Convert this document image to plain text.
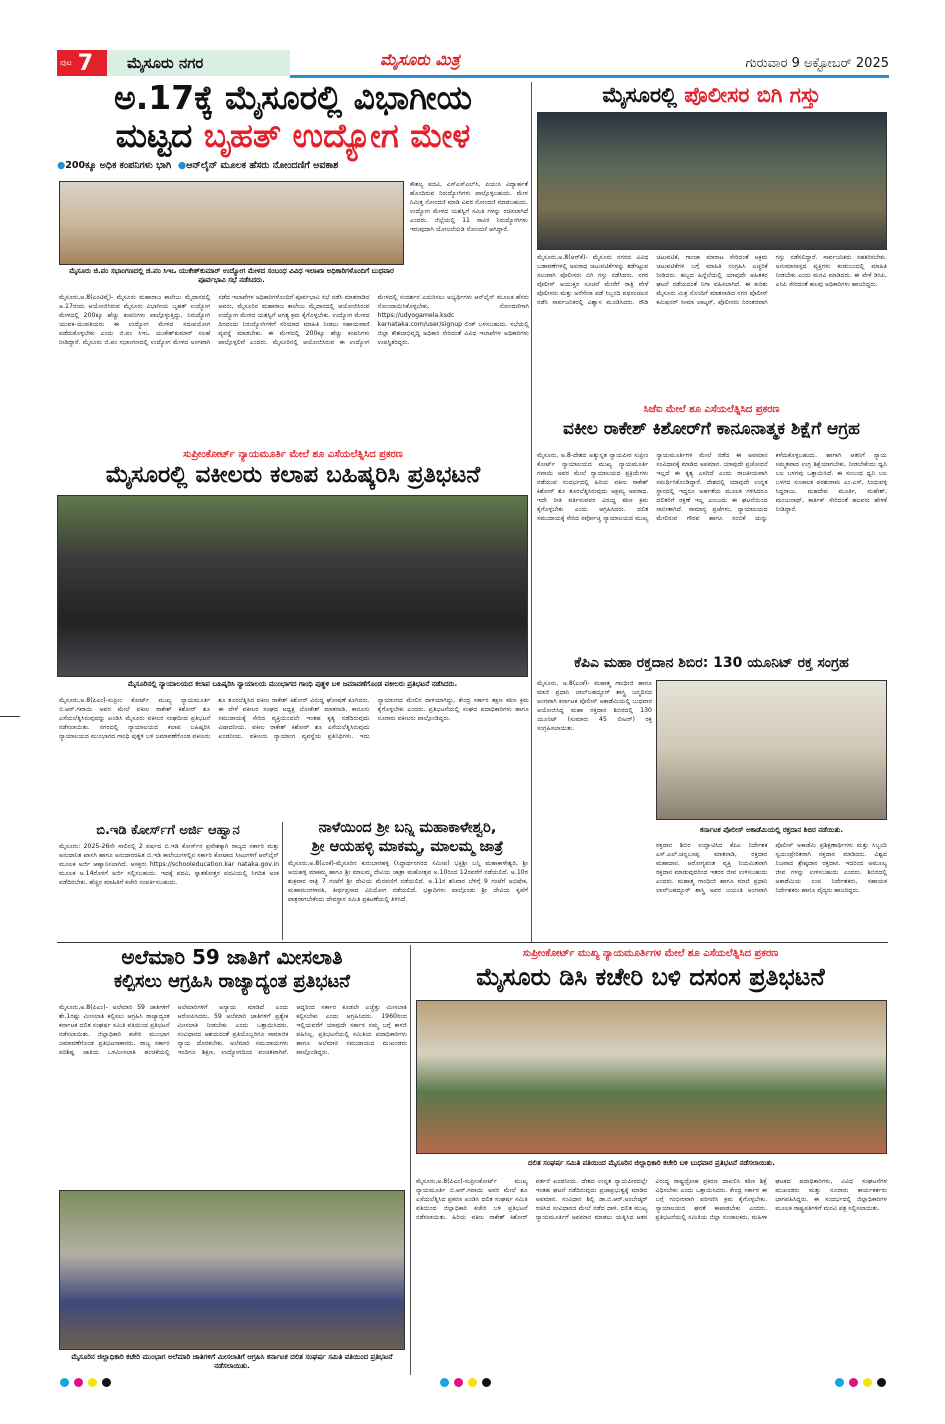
ಪುಟ 7	ಮೈಸೂರು ನಗರ	ಮೈಸೂರು ಮಿತ್ರ	ಗುರುವಾರ 9 ಅಕ್ಟೋಬರ್ 2025
ಅ.17ಕ್ಕೆ ಮೈಸೂರಲ್ಲಿ ವಿಭಾಗೀಯ
ಮಟ್ಟದ ಬೃಹತ್ ಉದ್ಯೋಗ ಮೇಳ
●200ಕ್ಕೂ ಅಧಿಕ ಕಂಪನಿಗಳು ಭಾಗಿ ●ಆನ್‌ಲೈನ್ ಮೂಲಕ ಹೆಸರು ನೋಂದಣಿಗೆ ಅವಕಾಶ
ಮೈಸೂರು ಜಿ.ಪಂ ಸಭಾಂಗಣದಲ್ಲಿ ಜಿ.ಪಂ ಸಿಇಒ ಯುಕೇಶ್‌ಕುಮಾರ್ ಉದ್ಯೋಗ ಮೇಳದ ಸಂಬಂಧ ವಿವಿಧ ಇಲಾಖಾ ಅಧಿಕಾರಿಗಳೊಂದಿಗೆ ಬುಧವಾರ ಪೂರ್ವಭಾವಿ ಸಭೆ ನಡೆಸಿದರು.
ಕೌಶಲ್ಯ ಪದವಿ, ಎಸ್‌ಎಸ್‌ಎಲ್‌ಸಿ, ಪಿಯುಸಿ ವಿದ್ಯಾರ್ಹತೆ ಹೊಂದಿರುವ ನಿರುದ್ಯೋಗಿಗಳು ಪಾಲ್ಗೊಳ್ಳಬಹುದು. ಮೇಳ ನಿಮಿತ್ತ ನೋಂದಣಿ ಮಾಡಿ ವಿವರ ನೋಂದಣಿ ಮಾಡಬಹುದು. ಉದ್ಯೋಗ ಮೇಳದ ಯಶಸ್ವಿಗೆ ಸಮಿತಿ ಗಳನ್ನು ರಚಿಸಲಾಗಿದೆ ಎಂದರು. ಜಿಲ್ಲೆಯಲ್ಲಿ 11 ಸಾವಿರ ನಿರುದ್ಯೋಗಿಗಳು ಇರುವುದಾಗಿ ಯೋಜನೆಯಡಿ ನೋಂದಣಿ ಆಗಿದ್ದಾರೆ.
ಮೈಸೂರು,ಅ.8(ಎಂಟಿವೈ)- ಮೈಸೂರು ಮಹಾರಾಜ ಕಾಲೇಜು ಮೈದಾನದಲ್ಲಿ ಅ.17ರಂದು ಆಯೋಜಿಸಿರುವ ಮೈಸೂರು ವಿಭಾಗೀಯ ಬೃಹತ್ ಉದ್ಯೋಗ ಮೇಳದಲ್ಲಿ 200ಕ್ಕೂ ಹೆಚ್ಚು ಕಂಪನಿಗಳು ಪಾಲ್ಗೊಳ್ಳುತ್ತಿದ್ದು, ನಿರುದ್ಯೋಗಿ ಯುವಕ-ಯುವತಿಯರು ಈ ಉದ್ಯೋಗ ಮೇಳದ ಸದುಪಯೋಗ ಪಡೆದುಕೊಳ್ಳಬೇಕು ಎಂದು ಜಿ.ಪಂ ಸಿಇಒ ಯುಕೇಶ್‌ಕುಮಾರ್ ಸಲಹೆ ನೀಡಿದ್ದಾರೆ. ಮೈಸೂರು ಜಿ.ಪಂ ಸಭಾಂಗಣದಲ್ಲಿ ಉದ್ಯೋಗ ಮೇಳದ ಅಂಗವಾಗಿ ನಡೆದ ಇಲಾಖೆಗಳ ಅಧಿಕಾರಿಗಳೊಂದಿಗೆ ಪೂರ್ವಭಾವಿ ಸಭೆ ನಡೆಸಿ ಮಾತನಾಡಿದ ಅವರು, ಮೈಸೂರಿನ ಮಹಾರಾಜ ಕಾಲೇಜು ಮೈದಾನದಲ್ಲಿ ಆಯೋಜಿಸಿರುವ ಉದ್ಯೋಗ ಮೇಳದ ಯಶಸ್ವಿಗೆ ಅಗತ್ಯ ಕ್ರಮ ಕೈಗೊಳ್ಳಬೇಕು. ಉದ್ಯೋಗ ಮೇಳದ ದಿನದಂದು ನಿರುದ್ಯೋಗಿಗಳಿಗೆ ಸರಿಯಾದ ಮಾಹಿತಿ ನೀಡಲು ಸಹಾಯವಾಣಿ ವ್ಯವಸ್ಥೆ ಮಾಡಬೇಕು. ಈ ಮೇಳದಲ್ಲಿ 200ಕ್ಕೂ ಹೆಚ್ಚು ಕಂಪನಿಗಳು ಪಾಲ್ಗೊಳ್ಳಲಿವೆ ಎಂದರು. ಮೈಸೂರಿನಲ್ಲಿ ಆಯೋಜಿಸಿರುವ ಈ ಉದ್ಯೋಗ ಮೇಳದಲ್ಲಿ ಸಂದರ್ಶನ ಎದುರಿಸಲು ಅಭ್ಯರ್ಥಿಗಳು ಆನ್‌ಲೈನ್ ಮೂಲಕ ಹೆಸರು ನೋಂದಾಯಿಸಿಕೊಳ್ಳಬೇಕು. ನೋಂದಣಿಗಾಗಿ https://udyogamela.ksdc karnataka.com/user/signup ಲಿಂಕ್ ಬಳಸಬಹುದು. ಸಭೆಯಲ್ಲಿ ಜಿಲ್ಲಾ ಕೌಶಲಾಭಿವೃದ್ಧಿ ಅಧಿಕಾರಿ ಸೇರಿದಂತೆ ವಿವಿಧ ಇಲಾಖೆಗಳ ಅಧಿಕಾರಿಗಳು ಉಪಸ್ಥಿತರಿದ್ದರು.
ಮೈಸೂರಲ್ಲಿ ಪೊಲೀಸರ ಬಿಗಿ ಗಸ್ತು
ಮೈಸೂರು,ಅ.8(ಆರ್‌ಕೆ)- ಮೈಸೂರು ನಗರದ ವಿವಿಧ ಬಡಾವಣೆಗಳಲ್ಲಿ ಅಪರಾಧ ಚಟುವಟಿಕೆಗಳನ್ನು ತಡೆಗಟ್ಟುವ ಸಲುವಾಗಿ ಪೊಲೀಸರು ಬಿಗಿ ಗಸ್ತು ನಡೆಸಿದರು. ನಗರ ಪೊಲೀಸ್ ಆಯುಕ್ತರ ಸೂಚನೆ ಮೇರೆಗೆ ರಾತ್ರಿ ವೇಳೆ ಪೊಲೀಸರು ಮತ್ತು ಅರೆಸೇನಾ ಪಡೆ ಸಿಬ್ಬಂದಿ ಪಥಸಂಚಲನ ನಡೆಸಿ ಸಾರ್ವಜನಿಕರಲ್ಲಿ ವಿಶ್ವಾಸ ಮೂಡಿಸಿದರು. ರೌಡಿ ಚಟುವಟಿಕೆ, ಗಾಂಜಾ ಮಾರಾಟ ಸೇರಿದಂತೆ ಅಕ್ರಮ ಚಟುವಟಿಕೆಗಳ ಬಗ್ಗೆ ಮಾಹಿತಿ ಸಂಗ್ರಹಿಸಿ ಎಚ್ಚರಿಕೆ ನೀಡಿದರು. ಹಬ್ಬದ ಹಿನ್ನೆಲೆಯಲ್ಲಿ ಯಾವುದೇ ಅಹಿತಕರ ಘಟನೆ ನಡೆಯದಂತೆ ನಿಗಾ ವಹಿಸಲಾಗಿದೆ. ಈ ಕುರಿತು ಮೈಸೂರು ಮಿತ್ರ ನೊಂದಿಗೆ ಮಾತನಾಡಿದ ನಗರ ಪೊಲೀಸ್ ಕಮಿಷನರ್ ಸೀಮಾ ಲಾಟ್ಕರ್, ಪೊಲೀಸರು ನಿರಂತರವಾಗಿ ಗಸ್ತು ನಡೆಸಲಿದ್ದಾರೆ. ಸಾರ್ವಜನಿಕರು ಸಹಕರಿಸಬೇಕು. ಅನುಮಾನಾಸ್ಪದ ವ್ಯಕ್ತಿಗಳು ಕಂಡುಬಂದಲ್ಲಿ ಮಾಹಿತಿ ನೀಡಬೇಕು ಎಂದು ಮನವಿ ಮಾಡಿದರು. ಈ ವೇಳೆ ಡಿಸಿಪಿ, ಎಸಿಪಿ ಸೇರಿದಂತೆ ಹಲವು ಅಧಿಕಾರಿಗಳು ಹಾಜರಿದ್ದರು.
ಸಿಜೆಐ ಮೇಲೆ ಶೂ ಎಸೆಯಲೆತ್ನಿಸಿದ ಪ್ರಕರಣ
ವಕೀಲ ರಾಕೇಶ್ ಕಿಶೋರ್‌ಗೆ ಕಾನೂನಾತ್ಮಕ ಶಿಕ್ಷೆಗೆ ಆಗ್ರಹ
ಮೈಸೂರು, ಅ.8-ದೇಶದ ಅತ್ಯುನ್ನತ ನ್ಯಾಯಪೀಠ ಸುಪ್ರೀಂ ಕೋರ್ಟ್ ನ್ಯಾಯಾಲಯದ ಮುಖ್ಯ ನ್ಯಾಯಮೂರ್ತಿ ಗವಾಯಿ ಅವರ ಮೇಲೆ ನ್ಯಾಯಾಲಯದ ಪ್ರಕ್ರಿಯೆಗಳು ನಡೆಯುವ ಸಂದರ್ಭದಲ್ಲಿ ಹಿರಿಯ ವಕೀಲ ರಾಕೇಶ್ ಕಿಶೋರ್ ಶೂ ತೂರಲೆತ್ನಿಸಿರುವುದು ಅಕ್ಷಮ್ಯ ಅಪರಾಧ. ಇದೇ ರೀತಿ ವರ್ತಿಸುವವರ ವಿರುದ್ಧ ಕಠಿಣ ಕ್ರಮ ಕೈಗೊಳ್ಳಬೇಕು ಎಂದು ಆಗ್ರಹಿಸಿದರು. ದಲಿತ ಸಮುದಾಯಕ್ಕೆ ಸೇರಿದ ಸರ್ವೋಚ್ಚ ನ್ಯಾಯಾಲಯದ ಮುಖ್ಯ ನ್ಯಾಯಮೂರ್ತಿಗಳ ಮೇಲೆ ನಡೆದ ಈ ಅವಮಾನ ಸಂವಿಧಾನಕ್ಕೆ ಮಾಡಿದ ಅಪಮಾನ. ಯಾವುದೇ ಪ್ರಚೋದನೆ ಇಲ್ಲದೆ ಈ ಕೃತ್ಯ ಎಸಗಿದೆ ಎಂದು ರಾಜಕೀಯವಾಗಿ ಸಮರ್ಥಿಸಿಕೊಂಡಿದ್ದಾರೆ. ದೇಶದಲ್ಲಿ ಯಾವುದೇ ಉನ್ನತ ಸ್ಥಾನದಲ್ಲಿ ಇದ್ದರೂ ಅರ್ಹತೆಯ ಮೂಲಕ ಗಳಿಸಿದರೂ ದಲಿತರಿಗೆ ರಕ್ಷಣೆ ಇಲ್ಲ ಎಂಬುದು ಈ ಘಟನೆಯಿಂದ ಸಾಬೀತಾಗಿದೆ. ಸಾಮಾನ್ಯ ಪ್ರಜೆಗಳು, ನ್ಯಾಯಾಲಯದ ಮೇಲಿರುವ ಗೌರವ ಹಾಗೂ ನಂಬಿಕೆ ಯನ್ನು ಕಳೆದುಕೊಳ್ಳಬಹುದು. ಹಾಗಾಗಿ ಆತನಿಗೆ ನ್ಯಾಯ ಸಮ್ಮತವಾದ ಉಗ್ರ ಶಿಕ್ಷೆಯಾಗಬೇಕು, ನೀಡಬೇಕೆಂದು ಧ್ವನಿ ಬಲ ಬಳಗವು ಒತ್ತಾಯಿಸಿದೆ. ಈ ಸಂಬಂಧ ಧ್ವನಿ ಬಲ ಬಳಗದ ಸಂಚಾಲಕ ಪರಶುರಾಮ ಎಂ.ಎಸ್, ಸಿಂಧುವಳ್ಳಿ ಸಿದ್ದರಾಜು, ಮಹದೇವ ಮೂರ್ತಿ, ಮಹೇಶ್, ಮಂಜುನಾಥ್, ಕಾರ್ತಿಕ್ ಸೇರಿದಂತೆ ಹಲವರು ಹೇಳಿಕೆ ನೀಡಿದ್ದಾರೆ.
ಸುಪ್ರೀಂಕೋರ್ಟ್ ನ್ಯಾಯಮೂರ್ತಿ ಮೇಲೆ ಶೂ ಎಸೆಯಲೆತ್ನಿಸಿದ ಪ್ರಕರಣ
ಮೈಸೂರಲ್ಲಿ ವಕೀಲರು ಕಲಾಪ ಬಹಿಷ್ಕರಿಸಿ ಪ್ರತಿಭಟನೆ
ಮೈಸೂರಿನಲ್ಲಿ ನ್ಯಾಯಾಲಯದ ಕಲಾಪ ಬಹಿಷ್ಕರಿಸಿ ನ್ಯಾಯಾಲಯ ಮುಂಭಾಗದ ಗಾಂಧಿ ಪುತ್ಥಳಿ ಬಳಿ ಜಮಾವಣೆಗೊಂಡ ವಕೀಲರು ಪ್ರತಿಭಟನೆ ನಡೆಸಿದರು.
ಮೈಸೂರು,ಅ.8(ಪಿಎಂ)-ಸುಪ್ರೀಂ ಕೋರ್ಟ್ ಮುಖ್ಯ ನ್ಯಾಯಮೂರ್ತಿ ಬಿ.ಆರ್.ಗವಾಯಿ ಅವರ ಮೇಲೆ ವಕೀಲ ರಾಕೇಶ್ ಕಿಶೋರ್ ಶೂ ಎಸೆಯಲೆತ್ನಿಸಿರುವುದನ್ನು ಖಂಡಿಸಿ ಮೈಸೂರು ವಕೀಲರ ಸಂಘದಿಂದ ಪ್ರತಿಭಟನೆ ನಡೆಸಲಾಯಿತು. ನಗರದಲ್ಲಿ ನ್ಯಾಯಾಲಯದ ಕಲಾಪ ಬಹಿಷ್ಕರಿಸಿ ನ್ಯಾಯಾಲಯದ ಮುಂಭಾಗದ ಗಾಂಧಿ ಪುತ್ಥಳಿ ಬಳಿ ಜಮಾವಣೆಗೊಂಡ ವಕೀಲರು ಶೂ ತೂರಲೆತ್ನಿಸಿದ ವಕೀಲ ರಾಕೇಶ್ ಕಿಶೋರ್ ವಿರುದ್ಧ ಘೋಷಣೆ ಕೂಗಿದರು. ಈ ವೇಳೆ ವಕೀಲರ ಸಂಘದ ಅಧ್ಯಕ್ಷ ಲೋಕೇಶ್ ಮಾತನಾಡಿ, ಕಾನೂನು ಸಮುದಾಯಕ್ಕೆ ಸೇರಿದ ವ್ಯಕ್ತಿಯಿಂದಲೇ ಇಂತಹ ಕೃತ್ಯ ನಡೆದಿರುವುದು ವಿಷಾದನೀಯ. ವಕೀಲ ರಾಕೇಶ್ ಕಿಶೋರ್ ಶೂ ಎಸೆಯಲೆತ್ನಿಸಿರುವುದು ಖಂಡನೀಯ. ವಕೀಲರು ನ್ಯಾಯಾಂಗ ವ್ಯವಸ್ಥೆಯ ಪ್ರತಿನಿಧಿಗಳು. ಇದು ನ್ಯಾಯಾಂಗದ ಮೇಲಿನ ದಾಳಿಯಾಗಿದ್ದು, ಕೇಂದ್ರ ಸರ್ಕಾರ ತಕ್ಷಣ ಕಠಿಣ ಕ್ರಮ ಕೈಗೊಳ್ಳಬೇಕು ಎಂದರು. ಪ್ರತಿಭಟನೆಯಲ್ಲಿ ಸಂಘದ ಪದಾಧಿಕಾರಿಗಳು ಹಾಗೂ ನೂರಾರು ವಕೀಲರು ಪಾಲ್ಗೊಂಡಿದ್ದರು.
ಕೆಪಿಎ ಮಹಾ ರಕ್ತದಾನ ಶಿಬಿರ: 130 ಯೂನಿಟ್ ರಕ್ತ ಸಂಗ್ರಹ
ಮೈಸೂರು, ಅ.8(ಎಂಕೆ)- ಮಹಾತ್ಮ ಗಾಂಧೀಜಿ ಹಾಗೂ ಮಾಜಿ ಪ್ರಧಾನಿ ಲಾಲ್‌ಬಹದ್ದೂರ್ ಶಾಸ್ತ್ರಿ ಜನ್ಮದಿನದ ಅಂಗವಾಗಿ ಕರ್ನಾಟಕ ಪೊಲೀಸ್ ಅಕಾಡೆಮಿಯಲ್ಲಿ ಬುಧವಾರ ಆಯೋಜಿಸಿದ್ದ ಮಹಾ ರಕ್ತದಾನ ಶಿಬಿರದಲ್ಲಿ 130 ಯೂನಿಟ್ (ಸುಮಾರು 45 ಲೀಟರ್) ರಕ್ತ ಸಂಗ್ರಹಿಸಲಾಯಿತು.
ಕರ್ನಾಟಕ ಪೊಲೀಸ್ ಅಕಾಡೆಮಿಯಲ್ಲಿ ರಕ್ತದಾನ ಶಿಬಿರ ನಡೆಯಿತು.
ರಕ್ತದಾನ ಶಿಬಿರ ಉದ್ಘಾಟಿಸಿದ ಕೆಪಿಎ ನಿರ್ದೇಶಕ ಎಸ್.ಎಲ್.ಚನ್ನಬಸಪ್ಪ ಮಾತನಾಡಿ, ರಕ್ತದಾನ ಮಹಾದಾನ. ಆರೋಗ್ಯವಂತ ವ್ಯಕ್ತಿ ನಿಯಮಿತವಾಗಿ ರಕ್ತದಾನ ಮಾಡುವುದರಿಂದ ಇತರರ ಜೀವ ಉಳಿಸಬಹುದು ಎಂದರು. ಮಹಾತ್ಮ ಗಾಂಧೀಜಿ ಹಾಗೂ ಮಾಜಿ ಪ್ರಧಾನಿ ಲಾಲ್‌ಬಹದ್ದೂರ್ ಶಾಸ್ತ್ರಿ ಅವರ ಜಯಂತಿ ಅಂಗವಾಗಿ ಪೊಲೀಸ್ ಅಕಾಡೆಮಿ ಪ್ರಶಿಕ್ಷಣಾರ್ಥಿಗಳು ಮತ್ತು ಸಿಬ್ಬಂದಿ ಸ್ವಯಂಪ್ರೇರಿತರಾಗಿ ರಕ್ತದಾನ ಮಾಡಿದರು. ವಿಶ್ವದ ನಿಜವಾದ ಶ್ರೇಷ್ಠದಾನ ರಕ್ತದಾನ. ಇದರಿಂದ ಅಮೂಲ್ಯ ಜೀವ ಗಳನ್ನು ಉಳಿಸಬಹುದು ಎಂದರು. ಶಿಬಿರದಲ್ಲಿ ಅಕಾಡೆಮಿಯ ಉಪ ನಿರ್ದೇಶಕರು, ಸಹಾಯಕ ನಿರ್ದೇಶಕರು ಹಾಗೂ ವೈದ್ಯರು ಹಾಜರಿದ್ದರು.
ಬಿ.ಇಡಿ ಕೋರ್ಸ್‌ಗೆ ಅರ್ಜಿ ಆಹ್ವಾನ
ಮೈಸೂರು: 2025-26ನೇ ಸಾಲಿನಲ್ಲಿ 2 ವರ್ಷದ ಬಿ.ಇಡಿ ಕೋರ್ಸ್‌ನ ಪ್ರವೇಶಕ್ಕಾಗಿ ರಾಜ್ಯದ ಸರ್ಕಾರಿ ಮತ್ತು ಅನುದಾನಿತ ಖಾಸಗಿ ಹಾಗೂ ಅನುದಾನರಹಿತ ಬಿ.ಇಡಿ ಕಾಲೇಜುಗಳಲ್ಲಿನ ಸರ್ಕಾರಿ ಕೋಟಾದ ಸೀಟುಗಳಿಗೆ ಆನ್‌ಲೈನ್ ಮೂಲಕ ಅರ್ಜಿ ಆಹ್ವಾನಿಸಲಾಗಿದೆ. ಆಸಕ್ತರು https://schooleducation.kar nataka.gov.in ಮೂಲಕ ಅ.14ರೊಳಗೆ ಅರ್ಜಿ ಸಲ್ಲಿಸಬಹುದು. ಇದಕ್ಕೆ ಪದವಿ, ಸ್ನಾತಕೋತ್ತರ ಪದವಿಯಲ್ಲಿ ನಿಗದಿತ ಅಂಕ ಪಡೆದಿರಬೇಕು. ಹೆಚ್ಚಿನ ಮಾಹಿತಿಗೆ ಕಚೇರಿ ಸಂಪರ್ಕಿಸಬಹುದು.
ನಾಳೆಯಿಂದ ಶ್ರೀ ಬನ್ನಿ ಮಹಾಕಾಳೇಶ್ವರಿ,
ಶ್ರೀ ಆಯಹಳ್ಳಿ ಮಾಕಮ್ಮ, ಮಾಲಮ್ಮ ಜಾತ್ರೆ
ಮೈಸೂರು,ಅ.8(ಎಂಕೆ)-ಮೈಸೂರಿನ ಕುರುಬಾರಹಳ್ಳಿ (ಸಿದ್ಧಾರ್ಥನಗರದ ಸಮೀಪ) ಭಕ್ತಿಶ್ರೀ ಬನ್ನಿ ಮಹಾಕಾಳೇಶ್ವರಿ, ಶ್ರೀ ಆಯಹಳ್ಳಿ ಮಾಕಮ್ಮ ಹಾಗೂ ಶ್ರೀ ಮಾಲಮ್ಮ ದೇವಿಯ ಜಾತ್ರಾ ಮಹೋತ್ಸವ ಅ.10ರಿಂದ 12ರವರೆಗೆ ನಡೆಯಲಿದೆ. ಅ.10ರ ಶುಕ್ರವಾರ ರಾತ್ರಿ 7 ಗಂಟೆಗೆ ಶ್ರೀ ದೇವಿಯ ಮೆರವಣಿಗೆ ನಡೆಯಲಿದೆ. ಅ.11ರ ಶನಿವಾರ ಬೆಳಿಗ್ಗೆ 9 ಗಂಟೆಗೆ ಅಭಿಷೇಕ, ಮಹಾಮಂಗಳಾರತಿ, ತೀರ್ಥಪ್ರಸಾದ ವಿನಿಯೋಗ ನಡೆಯಲಿದೆ. ಭಕ್ತಾದಿಗಳು ಪಾಲ್ಗೊಂಡು ಶ್ರೀ ದೇವಿಯ ಕೃಪೆಗೆ ಪಾತ್ರರಾಗಬೇಕೆಂದು ದೇವಸ್ಥಾನ ಸಮಿತಿ ಪ್ರಕಟಣೆಯಲ್ಲಿ ತಿಳಿಸಿದೆ.
ಅಲೆಮಾರಿ 59 ಜಾತಿಗೆ ಮೀಸಲಾತಿ
ಕಲ್ಪಿಸಲು ಆಗ್ರಹಿಸಿ ರಾಜ್ಯಾದ್ಯಂತ ಪ್ರತಿಭಟನೆ
ಮೈಸೂರು,ಅ.8(ಪಿಎಂ)- ಅಲೆಮಾರಿ 59 ಜಾತಿಗಳಿಗೆ ಶೇ.1ರಷ್ಟು ಮೀಸಲಾತಿ ಕಲ್ಪಿಸಲು ಆಗ್ರಹಿಸಿ ರಾಜ್ಯಾದ್ಯಂತ ಕರ್ನಾಟಕ ದಲಿತ ಸಂಘರ್ಷ ಸಮಿತಿ ವತಿಯಿಂದ ಪ್ರತಿಭಟನೆ ನಡೆಸಲಾಯಿತು. ಜಿಲ್ಲಾಧಿಕಾರಿ ಕಚೇರಿ ಮುಂಭಾಗ ಜಮಾವಣೆಗೊಂಡ ಪ್ರತಿಭಟನಾಕಾರರು, ರಾಜ್ಯ ಸರ್ಕಾರ ಪರಿಶಿಷ್ಟ ಜಾತಿಯ ಒಳಮೀಸಲಾತಿ ಹಂಚಿಕೆಯಲ್ಲಿ ಅಲೆಮಾರಿಗಳಿಗೆ ಅನ್ಯಾಯ ಮಾಡಿದೆ ಎಂದು ಆರೋಪಿಸಿದರು. 59 ಅಲೆಮಾರಿ ಜಾತಿಗಳಿಗೆ ಪ್ರತ್ಯೇಕ ಮೀಸಲಾತಿ ನೀಡಬೇಕು ಎಂದು ಒತ್ತಾಯಿಸಿದರು. ಸಂವಿಧಾನದ ಆಶಯದಂತೆ ಪ್ರತಿಯೊಬ್ಬರಿಗೂ ಸಾಮಾಜಿಕ ನ್ಯಾಯ ದೊರಕಬೇಕು. ಅಲೆಮಾರಿ ಸಮುದಾಯಗಳು ಇಂದಿಗೂ ಶಿಕ್ಷಣ, ಉದ್ಯೋಗದಿಂದ ವಂಚಿತವಾಗಿವೆ. ಆದ್ದರಿಂದ ಸರ್ಕಾರ ಕೂಡಲೇ ಎಚ್ಚೆತ್ತು ಮೀಸಲಾತಿ ಕಲ್ಪಿಸಬೇಕು ಎಂದು ಆಗ್ರಹಿಸಿದರು. 1960ರಿಂದ ಇಲ್ಲಿಯವರೆಗೆ ಯಾವುದೇ ಸರ್ಕಾರ ನಮ್ಮ ಬಗ್ಗೆ ಕಾಳಜಿ ವಹಿಸಿಲ್ಲ. ಪ್ರತಿಭಟನೆಯಲ್ಲಿ ಸಮಿತಿಯ ಪದಾಧಿಕಾರಿಗಳು ಹಾಗೂ ಅಲೆಮಾರಿ ಸಮುದಾಯದ ಮುಖಂಡರು ಪಾಲ್ಗೊಂಡಿದ್ದರು.
ಮೈಸೂರಿನ ಜಿಲ್ಲಾಧಿಕಾರಿ ಕಚೇರಿ ಮುಂಭಾಗ ಅಲೆಮಾರಿ ಜಾತಿಗಳಿಗೆ ಮೀಸಲಾತಿಗೆ ಆಗ್ರಹಿಸಿ ಕರ್ನಾಟಕ ದಲಿತ ಸಂಘರ್ಷ ಸಮಿತಿ ವತಿಯಿಂದ ಪ್ರತಿಭಟನೆ ನಡೆಸಲಾಯಿತು.
ಸುಪ್ರೀಂಕೋರ್ಟ್ ಮುಖ್ಯ ನ್ಯಾಯಮೂರ್ತಿಗಳ ಮೇಲೆ ಶೂ ಎಸೆಯಲೆತ್ನಿಸಿದ ಪ್ರಕರಣ
ಮೈಸೂರು ಡಿಸಿ ಕಚೇರಿ ಬಳಿ ದಸಂಸ ಪ್ರತಿಭಟನೆ
ದಲಿತ ಸಂಘರ್ಷ ಸಮಿತಿ ವತಿಯಿಂದ ಮೈಸೂರಿನ ಜಿಲ್ಲಾಧಿಕಾರಿ ಕಚೇರಿ ಬಳಿ ಬುಧವಾರ ಪ್ರತಿಭಟನೆ ನಡೆಸಲಾಯಿತು.
ಮೈಸೂರು,ಅ.8(ಪಿಎಂ)-ಸುಪ್ರೀಂಕೋರ್ಟ್ ಮುಖ್ಯ ನ್ಯಾಯಮೂರ್ತಿ ಬಿ.ಆರ್.ಗವಾಯಿ ಅವರ ಮೇಲೆ ಶೂ ಎಸೆಯಲೆತ್ನಿಸಿದ ಪ್ರಕರಣ ಖಂಡಿಸಿ ದಲಿತ ಸಂಘರ್ಷ ಸಮಿತಿ ವತಿಯಿಂದ ಜಿಲ್ಲಾಧಿಕಾರಿ ಕಚೇರಿ ಬಳಿ ಪ್ರತಿಭಟನೆ ನಡೆಸಲಾಯಿತು. ಹಿರಿಯ ವಕೀಲ ರಾಕೇಶ್ ಕಿಶೋರ್ ವರ್ತನೆ ಖಂಡನೀಯ. ದೇಶದ ಉನ್ನತ ನ್ಯಾಯಪೀಠದಲ್ಲೇ ಇಂತಹ ಘಟನೆ ನಡೆದಿರುವುದು ಪ್ರಜಾಪ್ರಭುತ್ವಕ್ಕೆ ಮಾಡಿದ ಅಪಮಾನ. ಸಂವಿಧಾನ ಶಿಲ್ಪಿ ಡಾ.ಬಿ.ಆರ್.ಅಂಬೇಡ್ಕರ್ ರಚಿಸಿದ ಸಂವಿಧಾನದ ಮೇಲೆ ನಡೆದ ದಾಳಿ. ದಲಿತ ಮುಖ್ಯ ನ್ಯಾಯಮೂರ್ತಿಗೆ ಅಪಮಾನ ಮಾಡಲು ಯತ್ನಿಸಿದ ಆತನ ವಿರುದ್ಧ ರಾಷ್ಟ್ರದ್ರೋಹ ಪ್ರಕರಣ ದಾಖಲಿಸಿ ಕಠಿಣ ಶಿಕ್ಷೆ ವಿಧಿಸಬೇಕು ಎಂದು ಒತ್ತಾಯಿಸಿದರು. ಕೇಂದ್ರ ಸರ್ಕಾರ ಈ ಬಗ್ಗೆ ಗಂಭೀರವಾಗಿ ಪರಿಗಣಿಸಿ ಕ್ರಮ ಕೈಗೊಳ್ಳಬೇಕು. ನ್ಯಾಯಾಲಯದ ಘನತೆ ಕಾಪಾಡಬೇಕು ಎಂದರು. ಪ್ರತಿಭಟನೆಯಲ್ಲಿ ಸಮಿತಿಯ ಜಿಲ್ಲಾ ಸಂಚಾಲಕರು, ಮಹಿಳಾ ಘಟಕದ ಪದಾಧಿಕಾರಿಗಳು, ವಿವಿಧ ಸಂಘಟನೆಗಳ ಮುಖಂಡರು ಮತ್ತು ನೂರಾರು ಕಾರ್ಯಕರ್ತರು ಭಾಗವಹಿಸಿದ್ದರು. ಈ ಸಂದರ್ಭದಲ್ಲಿ ಜಿಲ್ಲಾಧಿಕಾರಿಗಳ ಮೂಲಕ ರಾಷ್ಟ್ರಪತಿಗಳಿಗೆ ಮನವಿ ಪತ್ರ ಸಲ್ಲಿಸಲಾಯಿತು.
